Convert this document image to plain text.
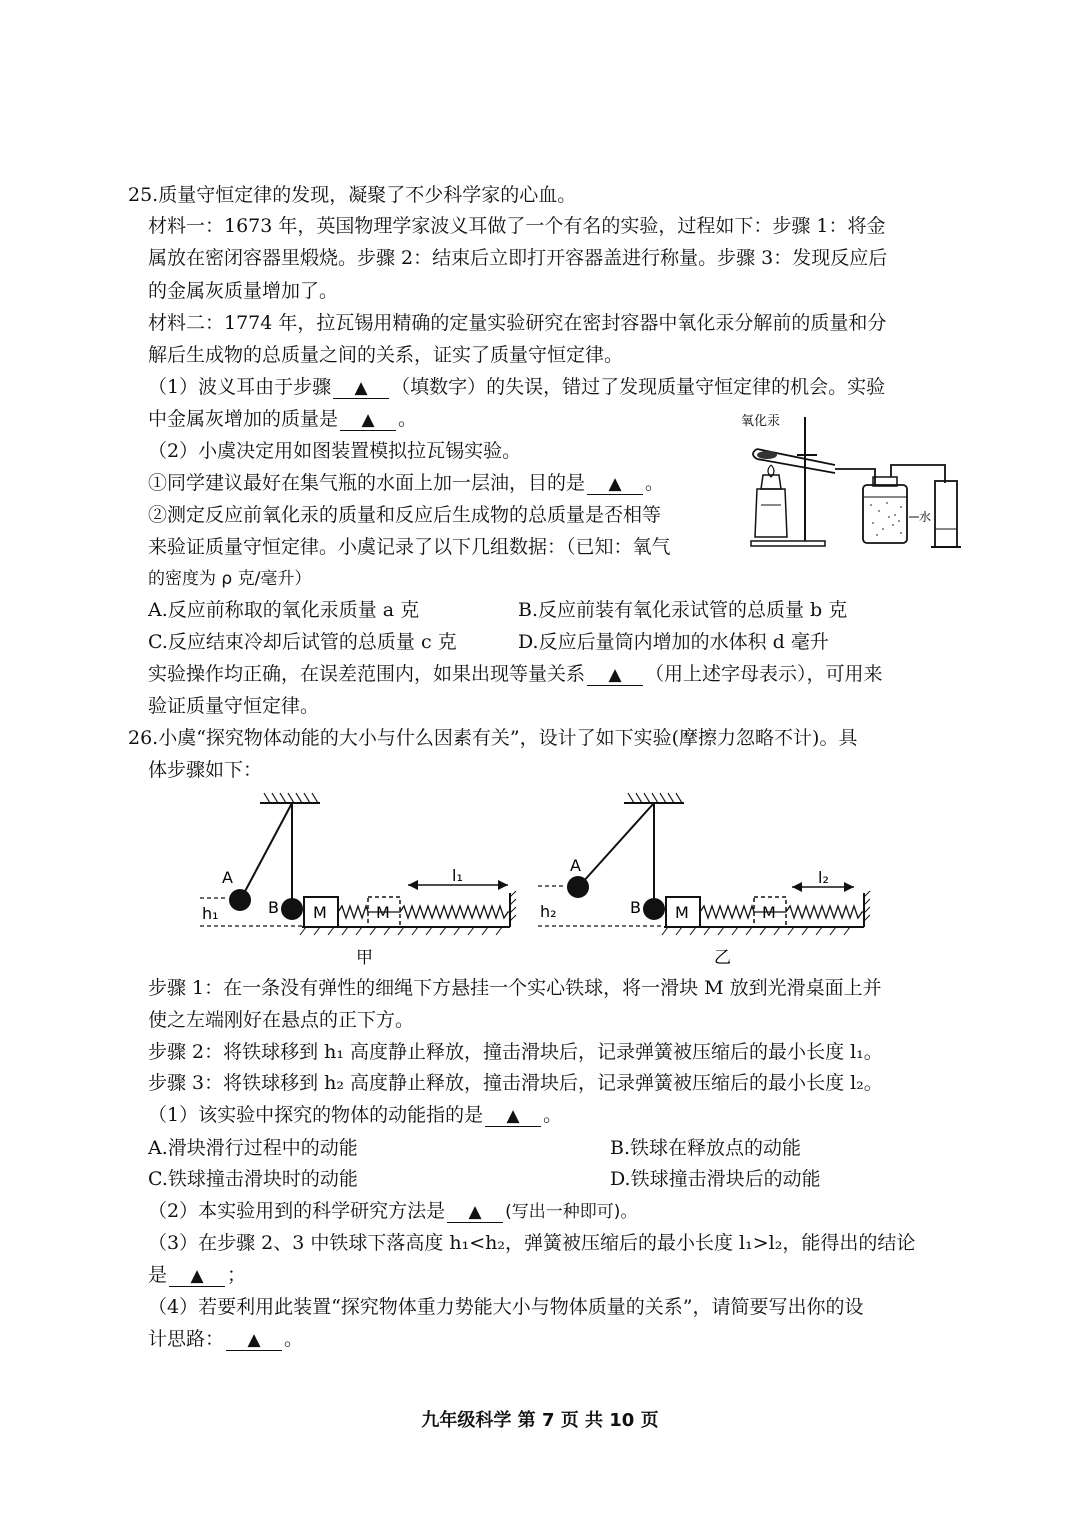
25.质量守恒定律的发现，凝聚了不少科学家的心血。
材料一：1673 年，英国物理学家波义耳做了一个有名的实验，过程如下：步骤 1：将金
属放在密闭容器里煅烧。步骤 2：结束后立即打开容器盖进行称量。步骤 3：发现反应后
的金属灰质量增加了。
材料二：1774 年，拉瓦锡用精确的定量实验研究在密封容器中氧化汞分解前的质量和分
解后生成物的总质量之间的关系，证实了质量守恒定律。
（1）波义耳由于步骤 ▲ （填数字）的失误，错过了发现质量守恒定律的机会。实验
中金属灰增加的质量是 ▲ 。
（2）小虞决定用如图装置模拟拉瓦锡实验。
①同学建议最好在集气瓶的水面上加一层油，目的是 ▲ 。
②测定反应前氧化汞的质量和反应后生成物的总质量是否相等
来验证质量守恒定律。小虞记录了以下几组数据：（已知：氧气
的密度为 ρ 克/毫升）
A.反应前称取的氧化汞质量 a 克	B.反应前装有氧化汞试管的总质量 b 克
C.反应结束冷却后试管的总质量 c 克	D.反应后量筒内增加的水体积 d 毫升
实验操作均正确，在误差范围内，如果出现等量关系 ▲ （用上述字母表示），可用来
验证质量守恒定律。
氧化汞
水
26.小虞“探究物体动能的大小与什么因素有关”，设计了如下实验(摩擦力忽略不计)。具
体步骤如下：
A
B
h₁	M	M
l₁
甲
A
B
h₂	M	M
l₂
乙
步骤 1：在一条没有弹性的细绳下方悬挂一个实心铁球，将一滑块 M 放到光滑桌面上并
使之左端刚好在悬点的正下方。
步骤 2：将铁球移到 h₁ 高度静止释放，撞击滑块后，记录弹簧被压缩后的最小长度 l₁。
步骤 3：将铁球移到 h₂ 高度静止释放，撞击滑块后，记录弹簧被压缩后的最小长度 l₂。
（1）该实验中探究的物体的动能指的是 ▲ 。
A.滑块滑行过程中的动能	B.铁球在释放点的动能
C.铁球撞击滑块时的动能	D.铁球撞击滑块后的动能
（2）本实验用到的科学研究方法是 ▲ (写出一种即可)。
（3）在步骤 2、3 中铁球下落高度 h₁<h₂，弹簧被压缩后的最小长度 l₁>l₂，能得出的结论
是 ▲ ；
（4）若要利用此装置“探究物体重力势能大小与物体质量的关系”，请简要写出你的设
计思路： ▲ 。
九年级科学 第 7 页 共 10 页
